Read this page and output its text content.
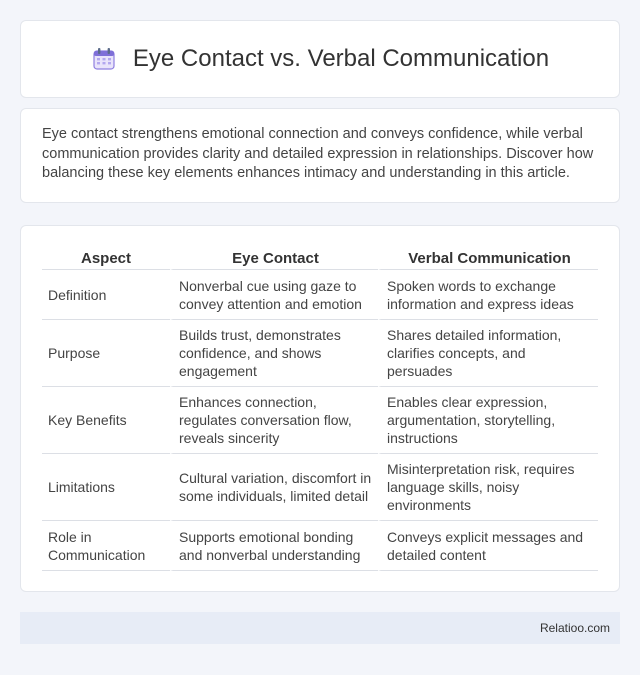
Eye Contact vs. Verbal Communication

Eye contact strengthens emotional connection and conveys confidence, while verbal communication provides clarity and detailed expression in relationships. Discover how balancing these key elements enhances intimacy and understanding in this article.

Aspect	Eye Contact	Verbal Communication
Definition	Nonverbal cue using gaze to convey attention and emotion	Spoken words to exchange information and express ideas
Purpose	Builds trust, demonstrates confidence, and shows engagement	Shares detailed information, clarifies concepts, and persuades
Key Benefits	Enhances connection, regulates conversation flow, reveals sincerity	Enables clear expression, argumentation, storytelling, instructions
Limitations	Cultural variation, discomfort in some individuals, limited detail	Misinterpretation risk, requires language skills, noisy environments
Role in Communication	Supports emotional bonding and nonverbal understanding	Conveys explicit messages and detailed content
Relatioo.com
